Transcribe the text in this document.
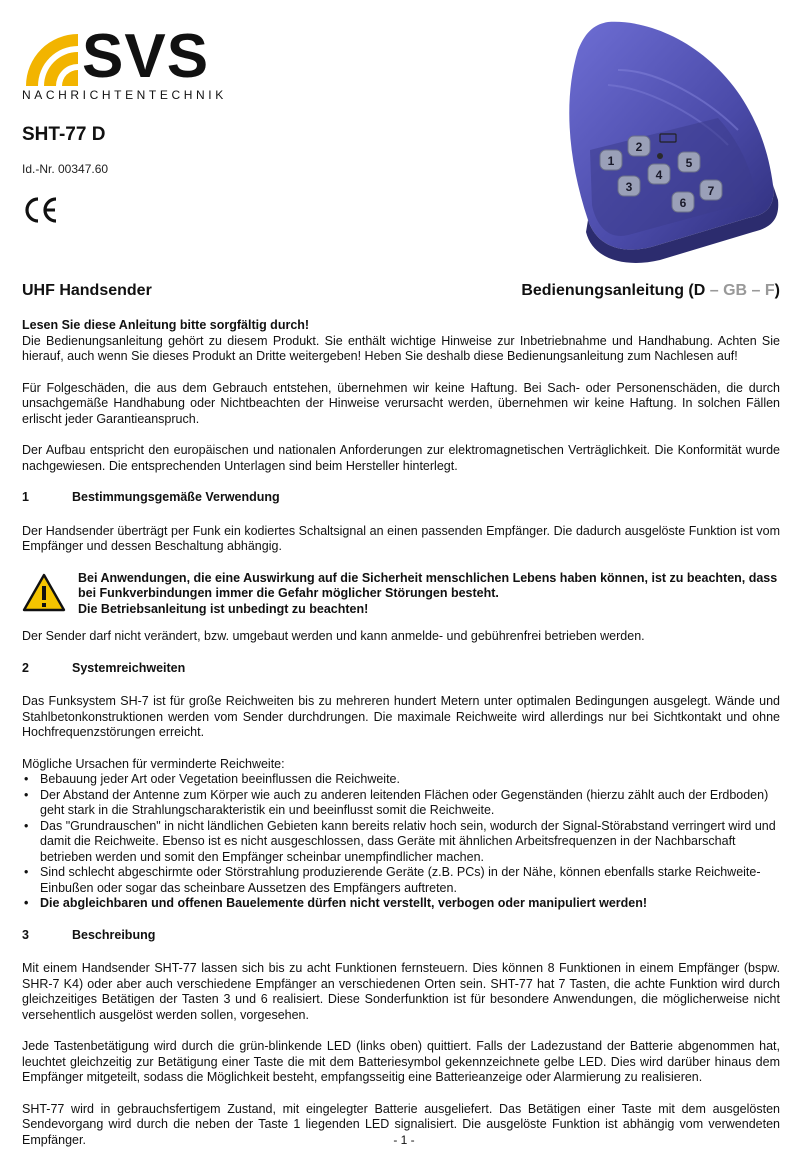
SVS
NACHRICHTENTECHNIK
SHT-77 D
Id.-Nr. 00347.60
1
2
3
4
5
6
7
UHF Handsender	Bedienungsanleitung (D – GB – F)

Lesen Sie diese Anleitung bitte sorgfältig durch!
Die Bedienungsanleitung gehört zu diesem Produkt. Sie enthält wichtige Hinweise zur Inbetriebnahme und Handhabung. Achten Sie hierauf, auch wenn Sie dieses Produkt an Dritte weitergeben! Heben Sie deshalb diese Bedienungsanleitung zum Nachlesen auf!

Für Folgeschäden, die aus dem Gebrauch entstehen, übernehmen wir keine Haftung. Bei Sach- oder Personenschäden, die durch unsachgemäße Handhabung oder Nichtbeachten der Hinweise verursacht werden, übernehmen wir keine Haftung. In solchen Fällen erlischt jeder Garantieanspruch.

Der Aufbau entspricht den europäischen und nationalen Anforderungen zur elektromagnetischen Verträglichkeit. Die Konformität wurde nachgewiesen. Die entsprechenden Unterlagen sind beim Hersteller hinterlegt.

1	Bestimmungsgemäße Verwendung

Der Handsender überträgt per Funk ein kodiertes Schaltsignal an einen passenden Empfänger. Die dadurch ausgelöste Funktion ist vom Empfänger und dessen Beschaltung abhängig.

Bei Anwendungen, die eine Auswirkung auf die Sicherheit menschlichen Lebens haben können, ist zu beachten, dass bei Funkverbindungen immer die Gefahr möglicher Störungen besteht.
Die Betriebsanleitung ist unbedingt zu beachten!

Der Sender darf nicht verändert, bzw. umgebaut werden und kann anmelde- und gebührenfrei betrieben werden.

2	Systemreichweiten

Das Funksystem SH-7 ist für große Reichweiten bis zu mehreren hundert Metern unter optimalen Bedingungen ausgelegt. Wände und Stahlbetonkonstruktionen werden vom Sender durchdrungen. Die maximale Reichweite wird allerdings nur bei Sichtkontakt und ohne Hochfrequenzstörungen erreicht.

Mögliche Ursachen für verminderte Reichweite:
• Bebauung jeder Art oder Vegetation beeinflussen die Reichweite.
• Der Abstand der Antenne zum Körper wie auch zu anderen leitenden Flächen oder Gegenständen (hierzu zählt auch der Erdboden) geht stark in die Strahlungscharakteristik ein und beeinflusst somit die Reichweite.
• Das "Grundrauschen" in nicht ländlichen Gebieten kann bereits relativ hoch sein, wodurch der Signal-Störabstand verringert wird und damit die Reichweite. Ebenso ist es nicht ausgeschlossen, dass Geräte mit ähnlichen Arbeitsfrequenzen in der Nachbarschaft betrieben werden und somit den Empfänger scheinbar unempfindlicher machen.
• Sind schlecht abgeschirmte oder Störstrahlung produzierende Geräte (z.B. PCs) in der Nähe, können ebenfalls starke Reichweite-Einbußen oder sogar das scheinbare Aussetzen des Empfängers auftreten.
• Die abgleichbaren und offenen Bauelemente dürfen nicht verstellt, verbogen oder manipuliert werden!
3	Beschreibung

Mit einem Handsender SHT-77 lassen sich bis zu acht Funktionen fernsteuern. Dies können 8 Funktionen in einem Empfänger (bspw. SHR-7 K4) oder aber auch verschiedene Empfänger an verschiedenen Orten sein. SHT-77 hat 7 Tasten, die achte Funktion wird durch gleichzeitiges Betätigen der Tasten 3 und 6 realisiert. Diese Sonderfunktion ist für besondere Anwendungen, die möglicherweise nicht versehentlich ausgelöst werden sollen, vorgesehen.

Jede Tastenbetätigung wird durch die grün-blinkende LED (links oben) quittiert. Falls der Ladezustand der Batterie abgenommen hat, leuchtet gleichzeitig zur Betätigung einer Taste die mit dem Batteriesymbol gekennzeichnete gelbe LED. Dies wird darüber hinaus dem Empfänger mitgeteilt, sodass die Möglichkeit besteht, empfangsseitig eine Batterieanzeige oder Alarmierung zu realisieren.

SHT-77 wird in gebrauchsfertigem Zustand, mit eingelegter Batterie ausgeliefert. Das Betätigen einer Taste mit dem ausgelösten Sendevorgang wird durch die neben der Taste 1 liegenden LED signalisiert. Die ausgelöste Funktion ist abhängig vom verwendeten Empfänger.	- 1 -
